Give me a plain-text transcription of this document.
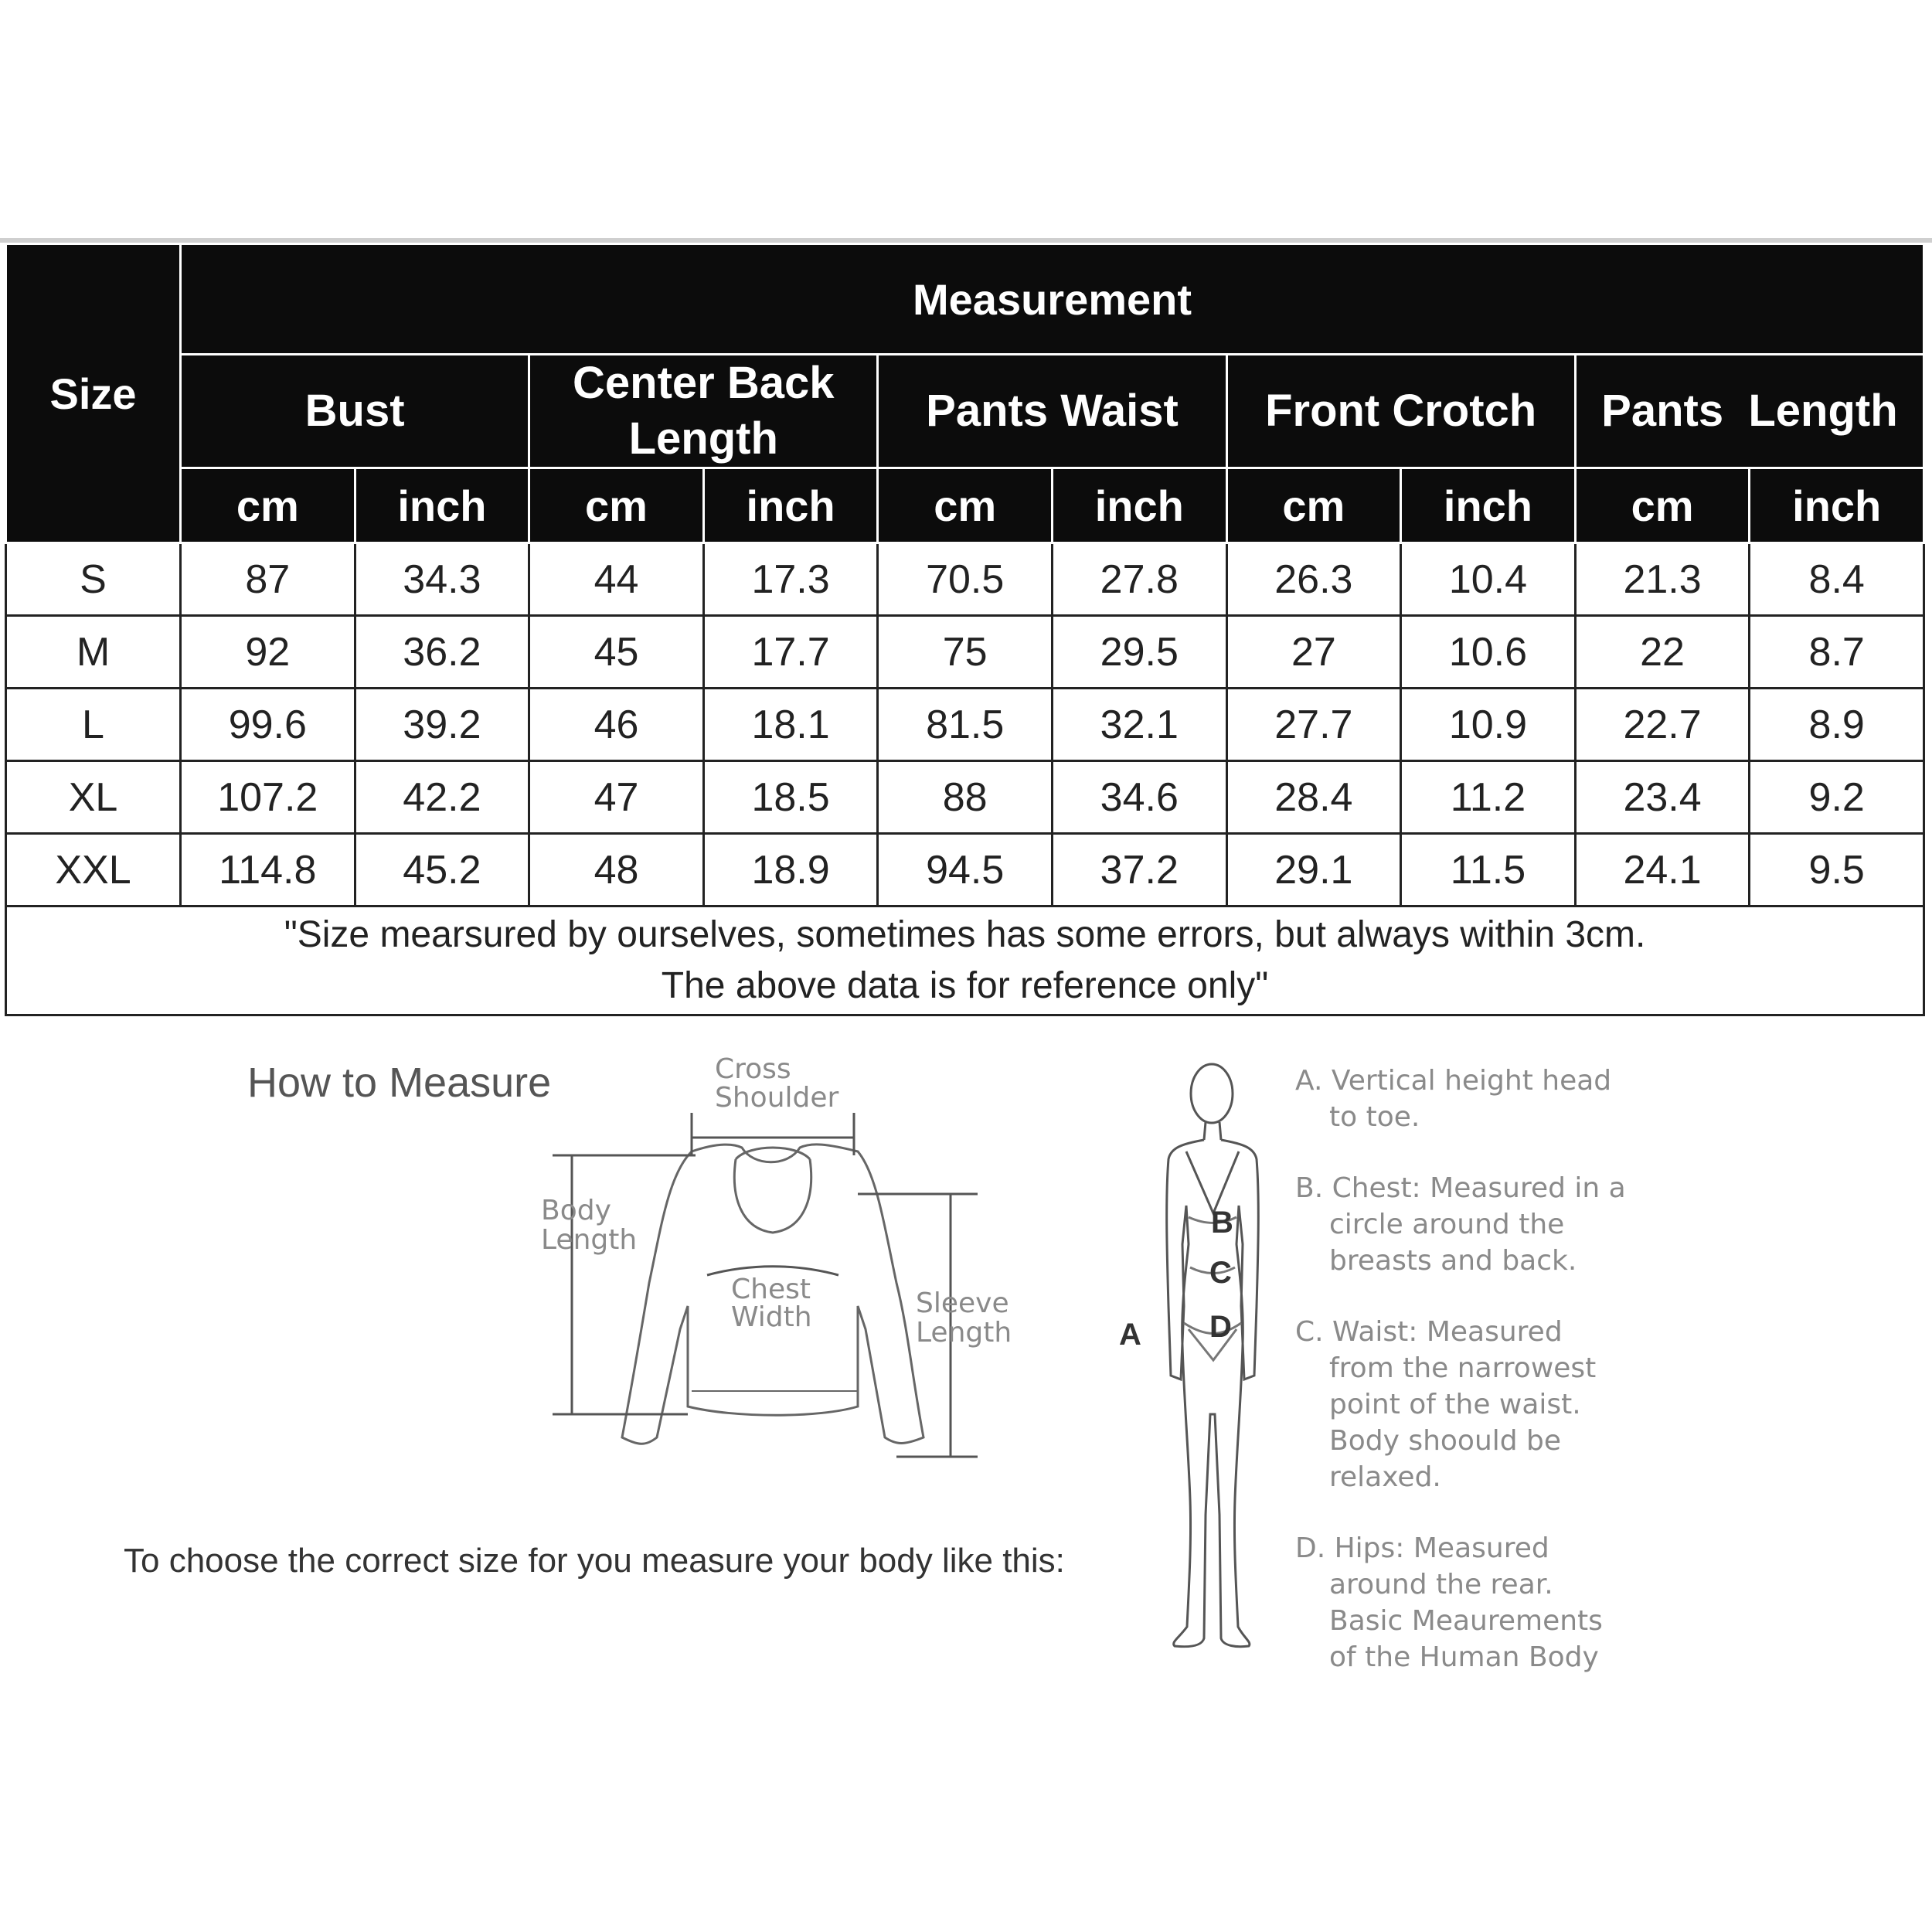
Size	Measurement									
	Bust		Center Back Length		Pants Waist		Front Crotch		Pants  Length	
	cm	inch	cm	inch	cm	inch	cm	inch	cm	inch
S	87	34.3	44	17.3	70.5	27.8	26.3	10.4	21.3	8.4
M	92	36.2	45	17.7	75	29.5	27	10.6	22	8.7
L	99.6	39.2	46	18.1	81.5	32.1	27.7	10.9	22.7	8.9
XL	107.2	42.2	47	18.5	88	34.6	28.4	11.2	23.4	9.2
XXL	114.8	45.2	48	18.9	94.5	37.2	29.1	11.5	24.1	9.5

"Size mearsured by ourselves, sometimes has some errors, but always within 3cm.
The above data is for reference only"										
How to Measure	Cross
Shoulder
Body
Length
Chest
Width	Sleeve
Length
To choose the correct size for you measure your body like this:
B
C
D
A
A. Vertical height head
to toe.
B. Chest: Measured in a
circle around the
breasts and back.
C. Waist: Measured
from the narrowest
point of the waist.
Body shoould be
relaxed.
D. Hips: Measured
around the rear.
Basic Meaurements
of the Human Body
